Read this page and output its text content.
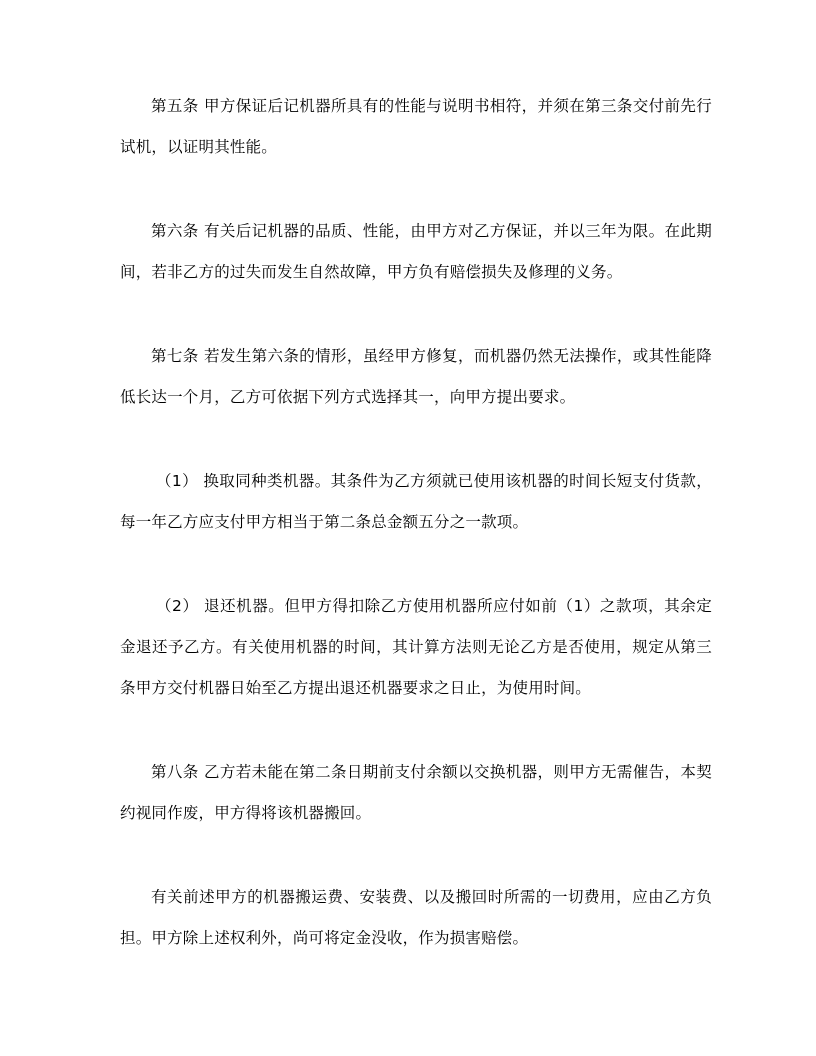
第五条 甲方保证后记机器所具有的性能与说明书相符，并须在第三条交付前先行试机，以证明其性能。

第六条 有关后记机器的品质、性能，由甲方对乙方保证，并以三年为限。在此期间，若非乙方的过失而发生自然故障，甲方负有赔偿损失及修理的义务。

第七条 若发生第六条的情形，虽经甲方修复，而机器仍然无法操作，或其性能降低长达一个月，乙方可依据下列方式选择其一，向甲方提出要求。

（1） 换取同种类机器。其条件为乙方须就已使用该机器的时间长短支付货款，每一年乙方应支付甲方相当于第二条总金额五分之一款项。

（2） 退还机器。但甲方得扣除乙方使用机器所应付如前（1）之款项，其余定金退还予乙方。有关使用机器的时间，其计算方法则无论乙方是否使用，规定从第三条甲方交付机器日始至乙方提出退还机器要求之日止，为使用时间。

第八条 乙方若未能在第二条日期前支付余额以交换机器，则甲方无需催告，本契约视同作废，甲方得将该机器搬回。

有关前述甲方的机器搬运费、安装费、以及搬回时所需的一切费用，应由乙方负担。甲方除上述权利外，尚可将定金没收，作为损害赔偿。
